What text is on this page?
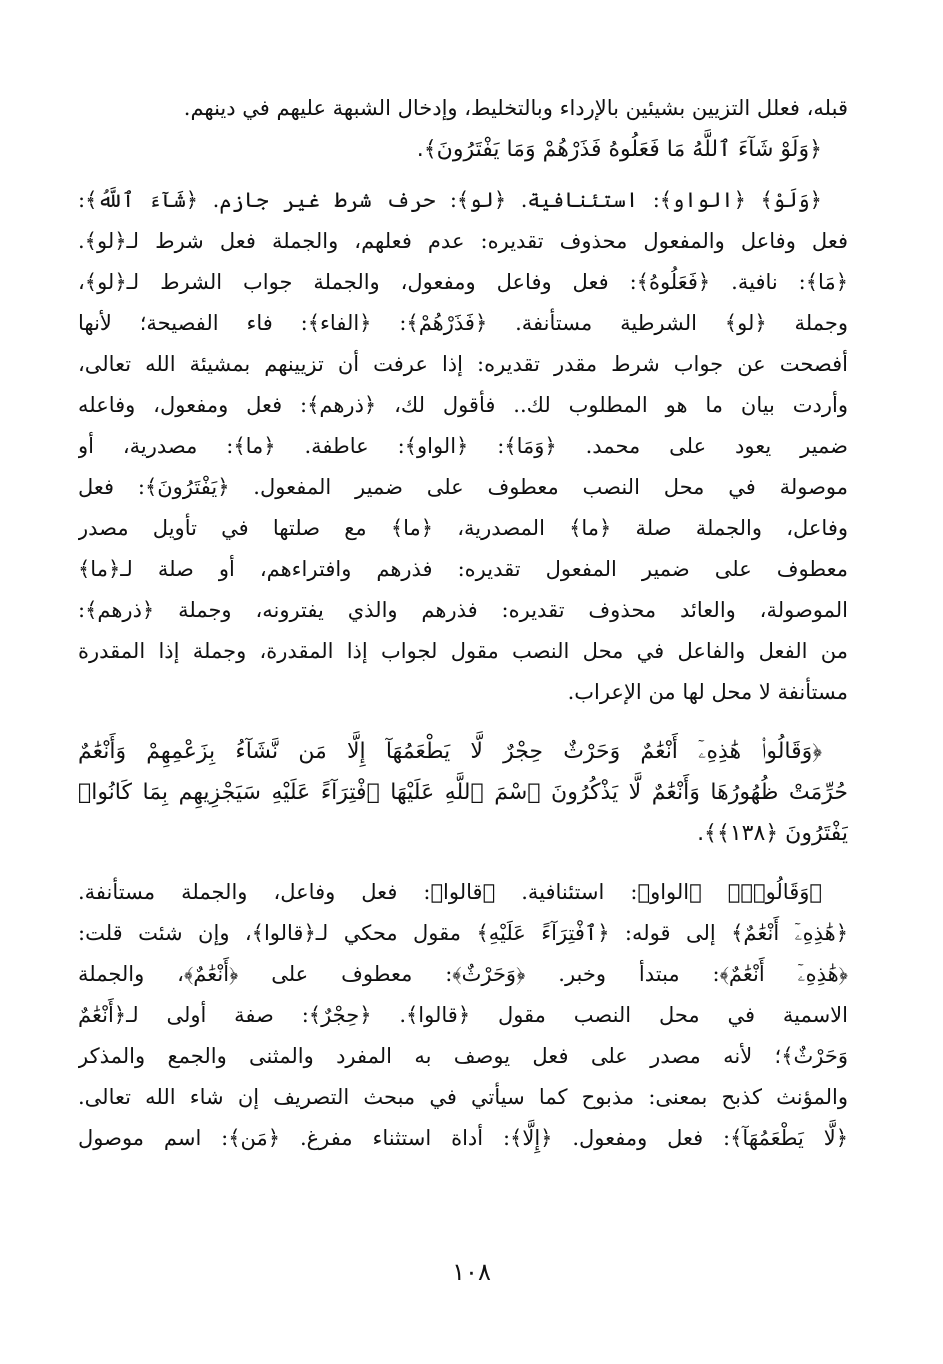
قبله، فعلل التزيين بشيئين بالإرداء وبالتخليط، وإدخال الشبهة عليهم في دينهم.
﴿وَلَوْ شَآءَ ٱللَّهُ مَا فَعَلُوهُ فَذَرْهُمْ وَمَا يَفْتَرُونَ﴾.
﴿وَلَوْ﴾ ﴿الواو﴾: استئنافية. ﴿لو﴾: حرف شرط غير جازم. ﴿شَآءَ ٱللَّهُ﴾:
فعل وفاعل والمفعول محذوف تقديره: عدم فعلهم، والجملة فعل شرط لـ﴿لو﴾.
﴿مَا﴾: نافية. ﴿فَعَلُوهُ﴾: فعل وفاعل ومفعول، والجملة جواب الشرط لـ﴿لو﴾،
وجملة ﴿لو﴾ الشرطية مستأنفة. ﴿فَذَرْهُمْ﴾: ﴿الفاء﴾: فاء الفصيحة؛ لأنها
أفصحت عن جواب شرط مقدر تقديره: إذا عرفت أن تزيينهم بمشيئة الله تعالى،
وأردت بيان ما هو المطلوب لك.. فأقول لك، ﴿ذرهم﴾: فعل ومفعول، وفاعله
ضمير يعود على محمد. ﴿وَمَا﴾: ﴿الواو﴾: عاطفة. ﴿ما﴾: مصدرية، أو
موصولة في محل النصب معطوف على ضمير المفعول. ﴿يَفْتَرُونَ﴾: فعل
وفاعل، والجملة صلة ﴿ما﴾ المصدرية، ﴿ما﴾ مع صلتها في تأويل مصدر
معطوف على ضمير المفعول تقديره: فذرهم وافتراءهم، أو صلة لـ﴿ما﴾
الموصولة، والعائد محذوف تقديره: فذرهم والذي يفترونه، وجملة ﴿ذرهم﴾:
من الفعل والفاعل في محل النصب مقول لجواب إذا المقدرة، وجملة إذا المقدرة
مستأنفة لا محل لها من الإعراب.
﴿وَقَالُوا۟ هَٰذِهِۦٓ أَنْعَٰمٌ وَحَرْثٌ حِجْرٌ لَّا يَطْعَمُهَآ إِلَّا مَن نَّشَآءُ بِزَعْمِهِمْ وَأَنْعَٰمٌ
حُرِّمَتْ ظُهُورُهَا وَأَنْعَٰمٌ لَّا يَذْكُرُونَ ٱسْمَ ٱللَّهِ عَلَيْهَا ٱفْتِرَآءً عَلَيْهِ سَيَجْزِيهِم بِمَا كَانُوا۟
يَفْتَرُونَ ﴿١٣٨﴾﴾.
﴿وَقَالُوا۟﴾ ﴿الواو﴾: استئنافية. ﴿قالوا﴾: فعل وفاعل، والجملة مستأنفة.
﴿هَٰذِهِۦٓ أَنْعَٰمٌ﴾ إلى قوله: ﴿ٱفْتِرَآءً عَلَيْهِ﴾ مقول محكي لـ﴿قالوا﴾، وإن شئت قلت:
﴿هَٰذِهِۦٓ أَنْعَٰمٌ﴾: مبتدأ وخبر. ﴿وَحَرْثٌ﴾: معطوف على ﴿أَنْعَٰمٌ﴾، والجملة
الاسمية في محل النصب مقول ﴿قالوا﴾. ﴿حِجْرٌ﴾: صفة أولى لـ﴿أَنْعَٰمٌ
وَحَرْثٌ﴾؛ لأنه مصدر على فعل يوصف به المفرد والمثنى والجمع والمذكر
والمؤنث كذبح بمعنى: مذبوح كما سيأتي في مبحث التصريف إن شاء الله تعالى.
﴿لَّا يَطْعَمُهَآ﴾: فعل ومفعول. ﴿إِلَّا﴾: أداة استثناء مفرغ. ﴿مَن﴾: اسم موصول
١٠٨
